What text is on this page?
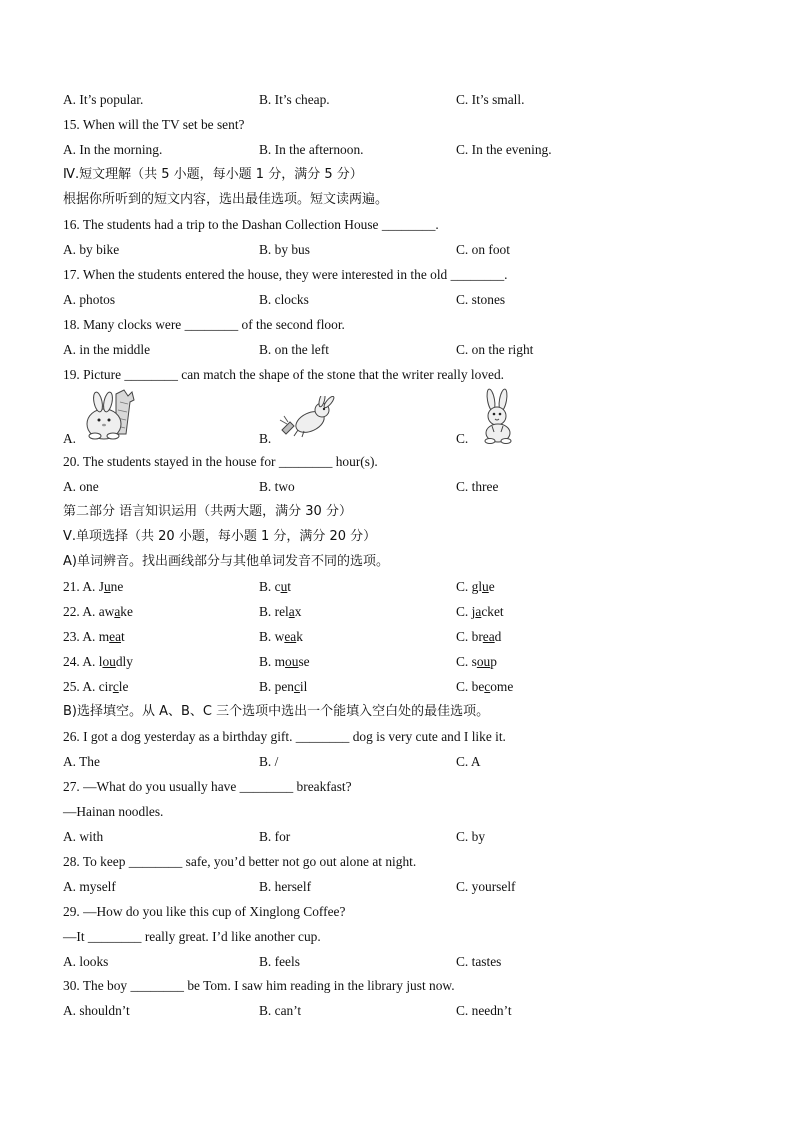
A. It’s popular.	B. It’s cheap.	C. It’s small.
15. When will the TV set be sent?
A. In the morning.	B. In the afternoon.	C. In the evening.
Ⅳ.短文理解（共 5 小题，每小题 1 分，满分 5 分）
根据你所听到的短文内容，选出最佳选项。短文读两遍。
16. The students had a trip to the Dashan Collection House ________.
A. by bike	B. by bus	C. on foot
17. When the students entered the house, they were interested in the old ________.
A. photos	B. clocks	C. stones
18. Many clocks were ________ of the second floor.
A. in the middle	B. on the left	C. on the right
19. Picture ________ can match the shape of the stone that the writer really loved.
A.	B.	C.
20. The students stayed in the house for ________ hour(s).
A. one	B. two	C. three
第二部分 语言知识运用（共两大题，满分 30 分）
Ⅴ.单项选择（共 20 小题，每小题 1 分，满分 20 分）
A)单词辨音。找出画线部分与其他单词发音不同的选项。
21. A. June	B. cut	C. glue
22. A. awake	B. relax	C. jacket
23. A. meat	B. weak	C. bread
24. A. loudly	B. mouse	C. soup
25. A. circle	B. pencil	C. become
B)选择填空。从 A、B、C 三个选项中选出一个能填入空白处的最佳选项。
26. I got a dog yesterday as a birthday gift. ________ dog is very cute and I like it.
A. The	B. /	C. A
27. —What do you usually have ________ breakfast?
—Hainan noodles.
A. with	B. for	C. by
28. To keep ________ safe, you’d better not go out alone at night.
A. myself	B. herself	C. yourself
29. —How do you like this cup of Xinglong Coffee?
—It ________ really great. I’d like another cup.
A. looks	B. feels	C. tastes
30. The boy ________ be Tom. I saw him reading in the library just now.
A. shouldn’t	B. can’t	C. needn’t
